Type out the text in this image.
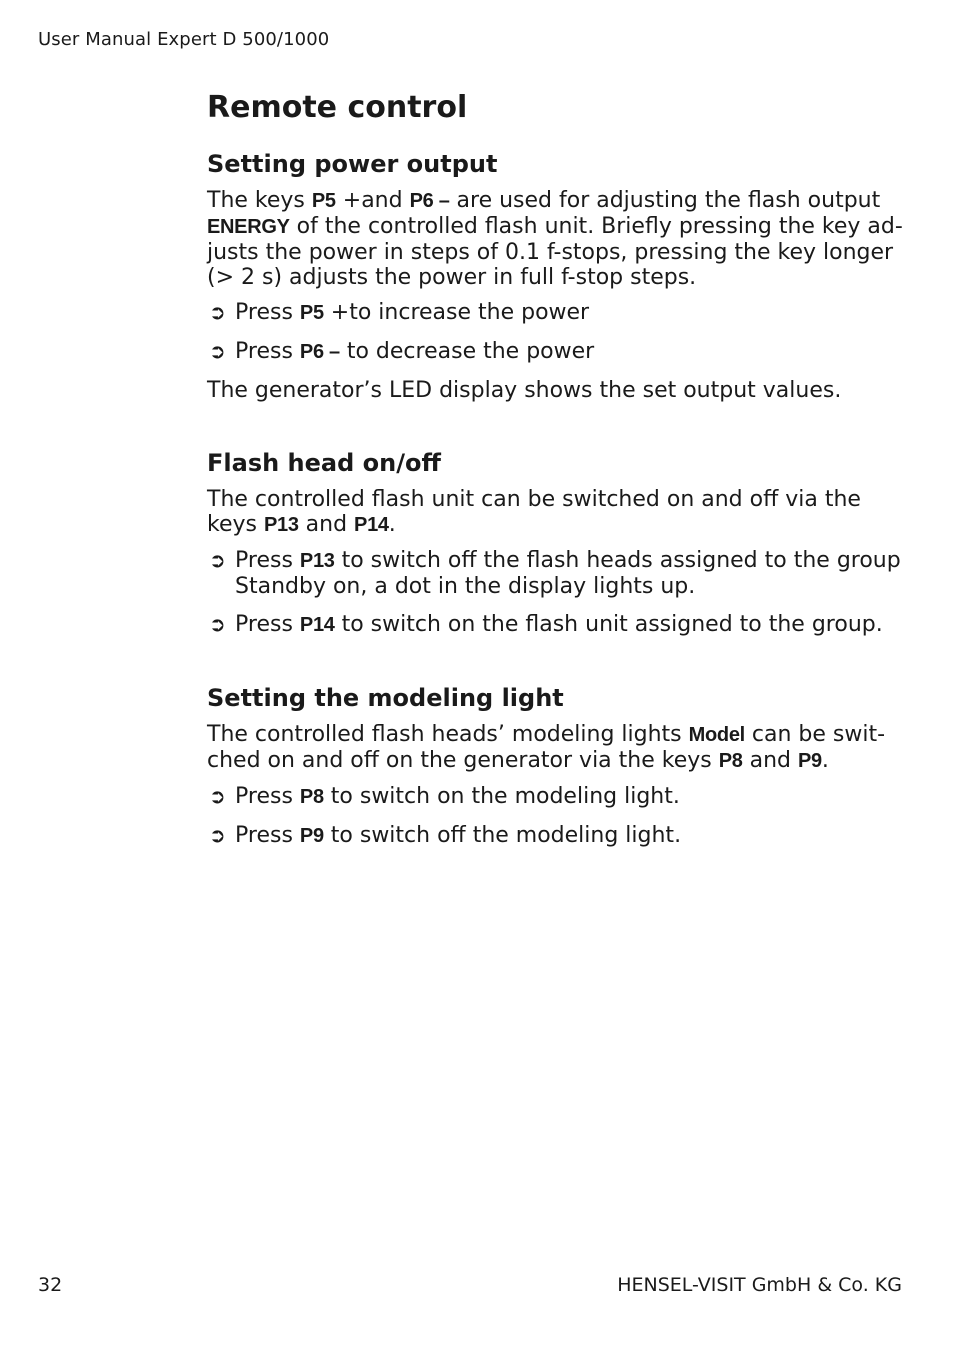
User Manual Expert D 500/1000
Remote control
Setting power output

The keys P5 +and P6 – are used for adjusting the flash output ENERGY of the controlled flash unit. Briefly pressing the key ad-justs the power in steps of 0.1 f-stops, pressing the key longer (> 2 s) adjusts the power in full f-stop steps.

➲ Press P5 +to increase the power
➲ Press P6 – to decrease the power

The generator’s LED display shows the set output values.

Flash head on/off

The controlled flash unit can be switched on and off via the keys P13 and P14.

➲ Press P13 to switch off the flash heads assigned to the group Standby on, a dot in the display lights up.
➲ Press P14 to switch on the flash unit assigned to the group.
Setting the modeling light

The controlled flash heads’ modeling lights Model can be swit-ched on and off on the generator via the keys P8 and P9.

➲ Press P8 to switch on the modeling light.
➲ Press P9 to switch off the modeling light.
32	HENSEL-VISIT GmbH & Co. KG
